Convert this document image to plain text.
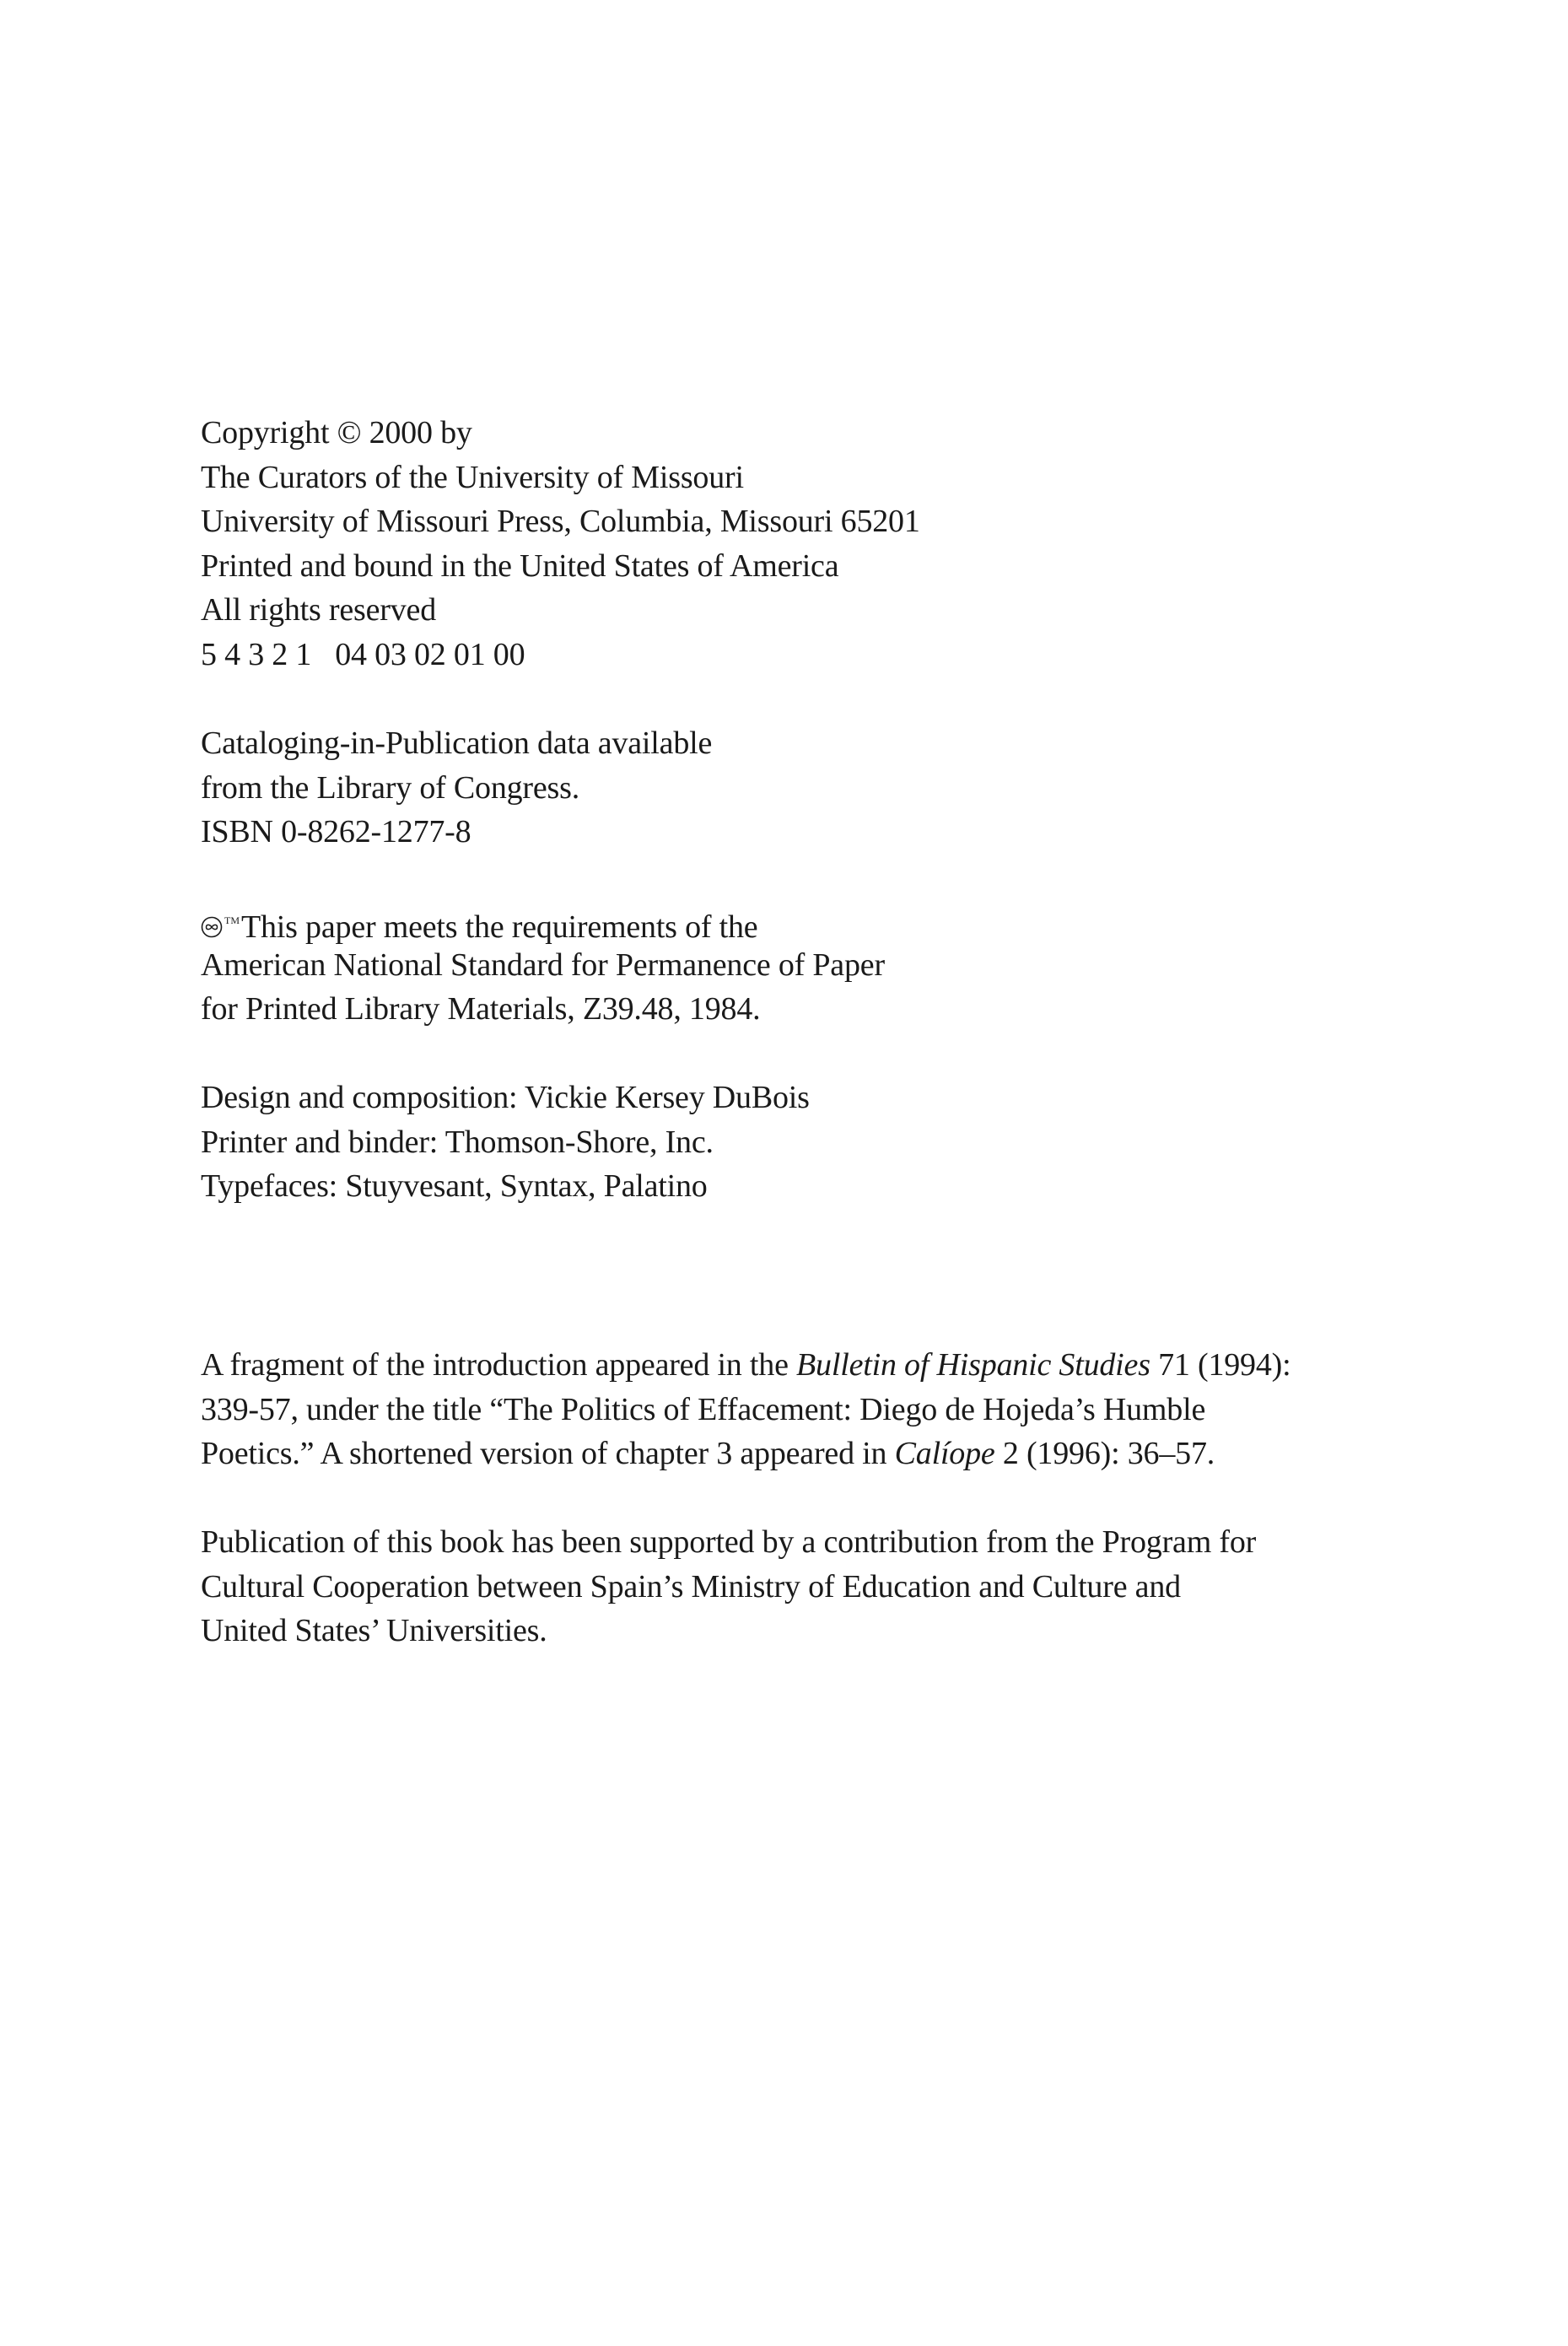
Copyright © 2000 by
The Curators of the University of Missouri
University of Missouri Press, Columbia, Missouri 65201
Printed and bound in the United States of America
All rights reserved
5 4 3 2 1 04 03 02 01 00
Cataloging-in-Publication data available
from the Library of Congress.
ISBN 0-8262-1277-8
™This paper meets the requirements of the
American National Standard for Permanence of Paper
for Printed Library Materials, Z39.48, 1984.
Design and composition: Vickie Kersey DuBois
Printer and binder: Thomson-Shore, Inc.
Typefaces: Stuyvesant, Syntax, Palatino
A fragment of the introduction appeared in the Bulletin of Hispanic Studies 71 (1994):
339-57, under the title “The Politics of Effacement: Diego de Hojeda’s Humble
Poetics.” A shortened version of chapter 3 appeared in Calíope 2 (1996): 36–57.
Publication of this book has been supported by a contribution from the Program for
Cultural Cooperation between Spain’s Ministry of Education and Culture and
United States’ Universities.
